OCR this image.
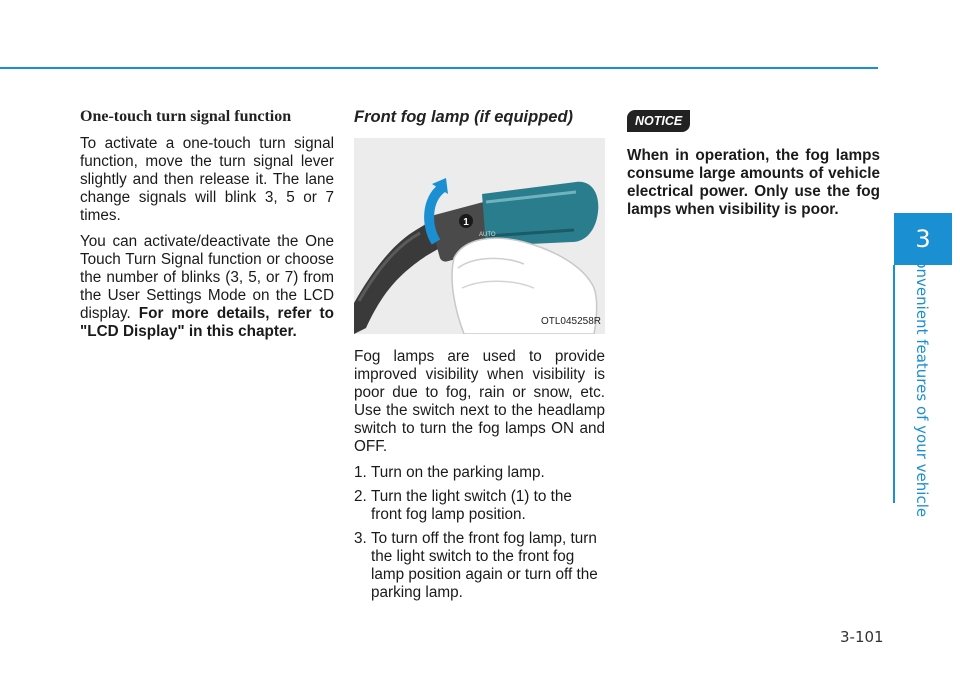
One-touch turn signal function

To activate a one-touch turn signal function, move the turn signal lever slightly and then release it. The lane change signals will blink 3, 5 or 7 times.

You can activate/deactivate the One Touch Turn Signal function or choose the number of blinks (3, 5, or 7) from the User Settings Mode on the LCD display. For more details, refer to "LCD Display" in this chapter.

Front fog lamp (if equipped)
1
AUTO
OTL045258R

Fog lamps are used to provide improved visibility when visibility is poor due to fog, rain or snow, etc. Use the switch next to the headlamp switch to turn the fog lamps ON and OFF.

1. Turn on the parking lamp.
2. Turn the light switch (1) to the front fog lamp position.
3. To turn off the front fog lamp, turn the light switch to the front fog lamp position again or turn off the parking lamp.
NOTICE
When in operation, the fog lamps consume large amounts of vehicle electrical power. Only use the fog lamps when visibility is poor.
3
Convenient features of your vehicle
3-101
